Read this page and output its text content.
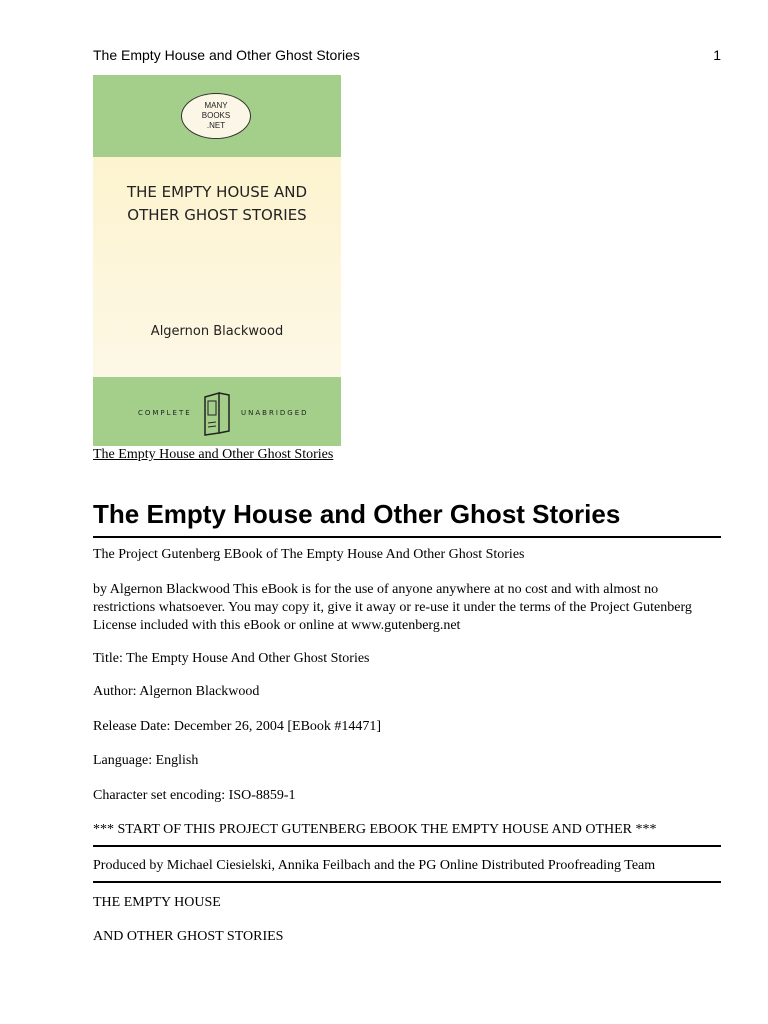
The Empty House and Other Ghost Stories	1
MANY
BOOKS
.NET
THE EMPTY HOUSE AND
OTHER GHOST STORIES
Algernon Blackwood
COMPLETE	UNABRIDGED
The Empty House and Other Ghost Stories
The Empty House and Other Ghost Stories

The Project Gutenberg EBook of The Empty House And Other Ghost Stories

by Algernon Blackwood This eBook is for the use of anyone anywhere at no cost and with almost no
restrictions whatsoever. You may copy it, give it away or re-use it under the terms of the Project Gutenberg
License included with this eBook or online at www.gutenberg.net

Title: The Empty House And Other Ghost Stories

Author: Algernon Blackwood

Release Date: December 26, 2004 [EBook #14471]

Language: English

Character set encoding: ISO-8859-1

*** START OF THIS PROJECT GUTENBERG EBOOK THE EMPTY HOUSE AND OTHER ***

Produced by Michael Ciesielski, Annika Feilbach and the PG Online Distributed Proofreading Team

THE EMPTY HOUSE

AND OTHER GHOST STORIES
